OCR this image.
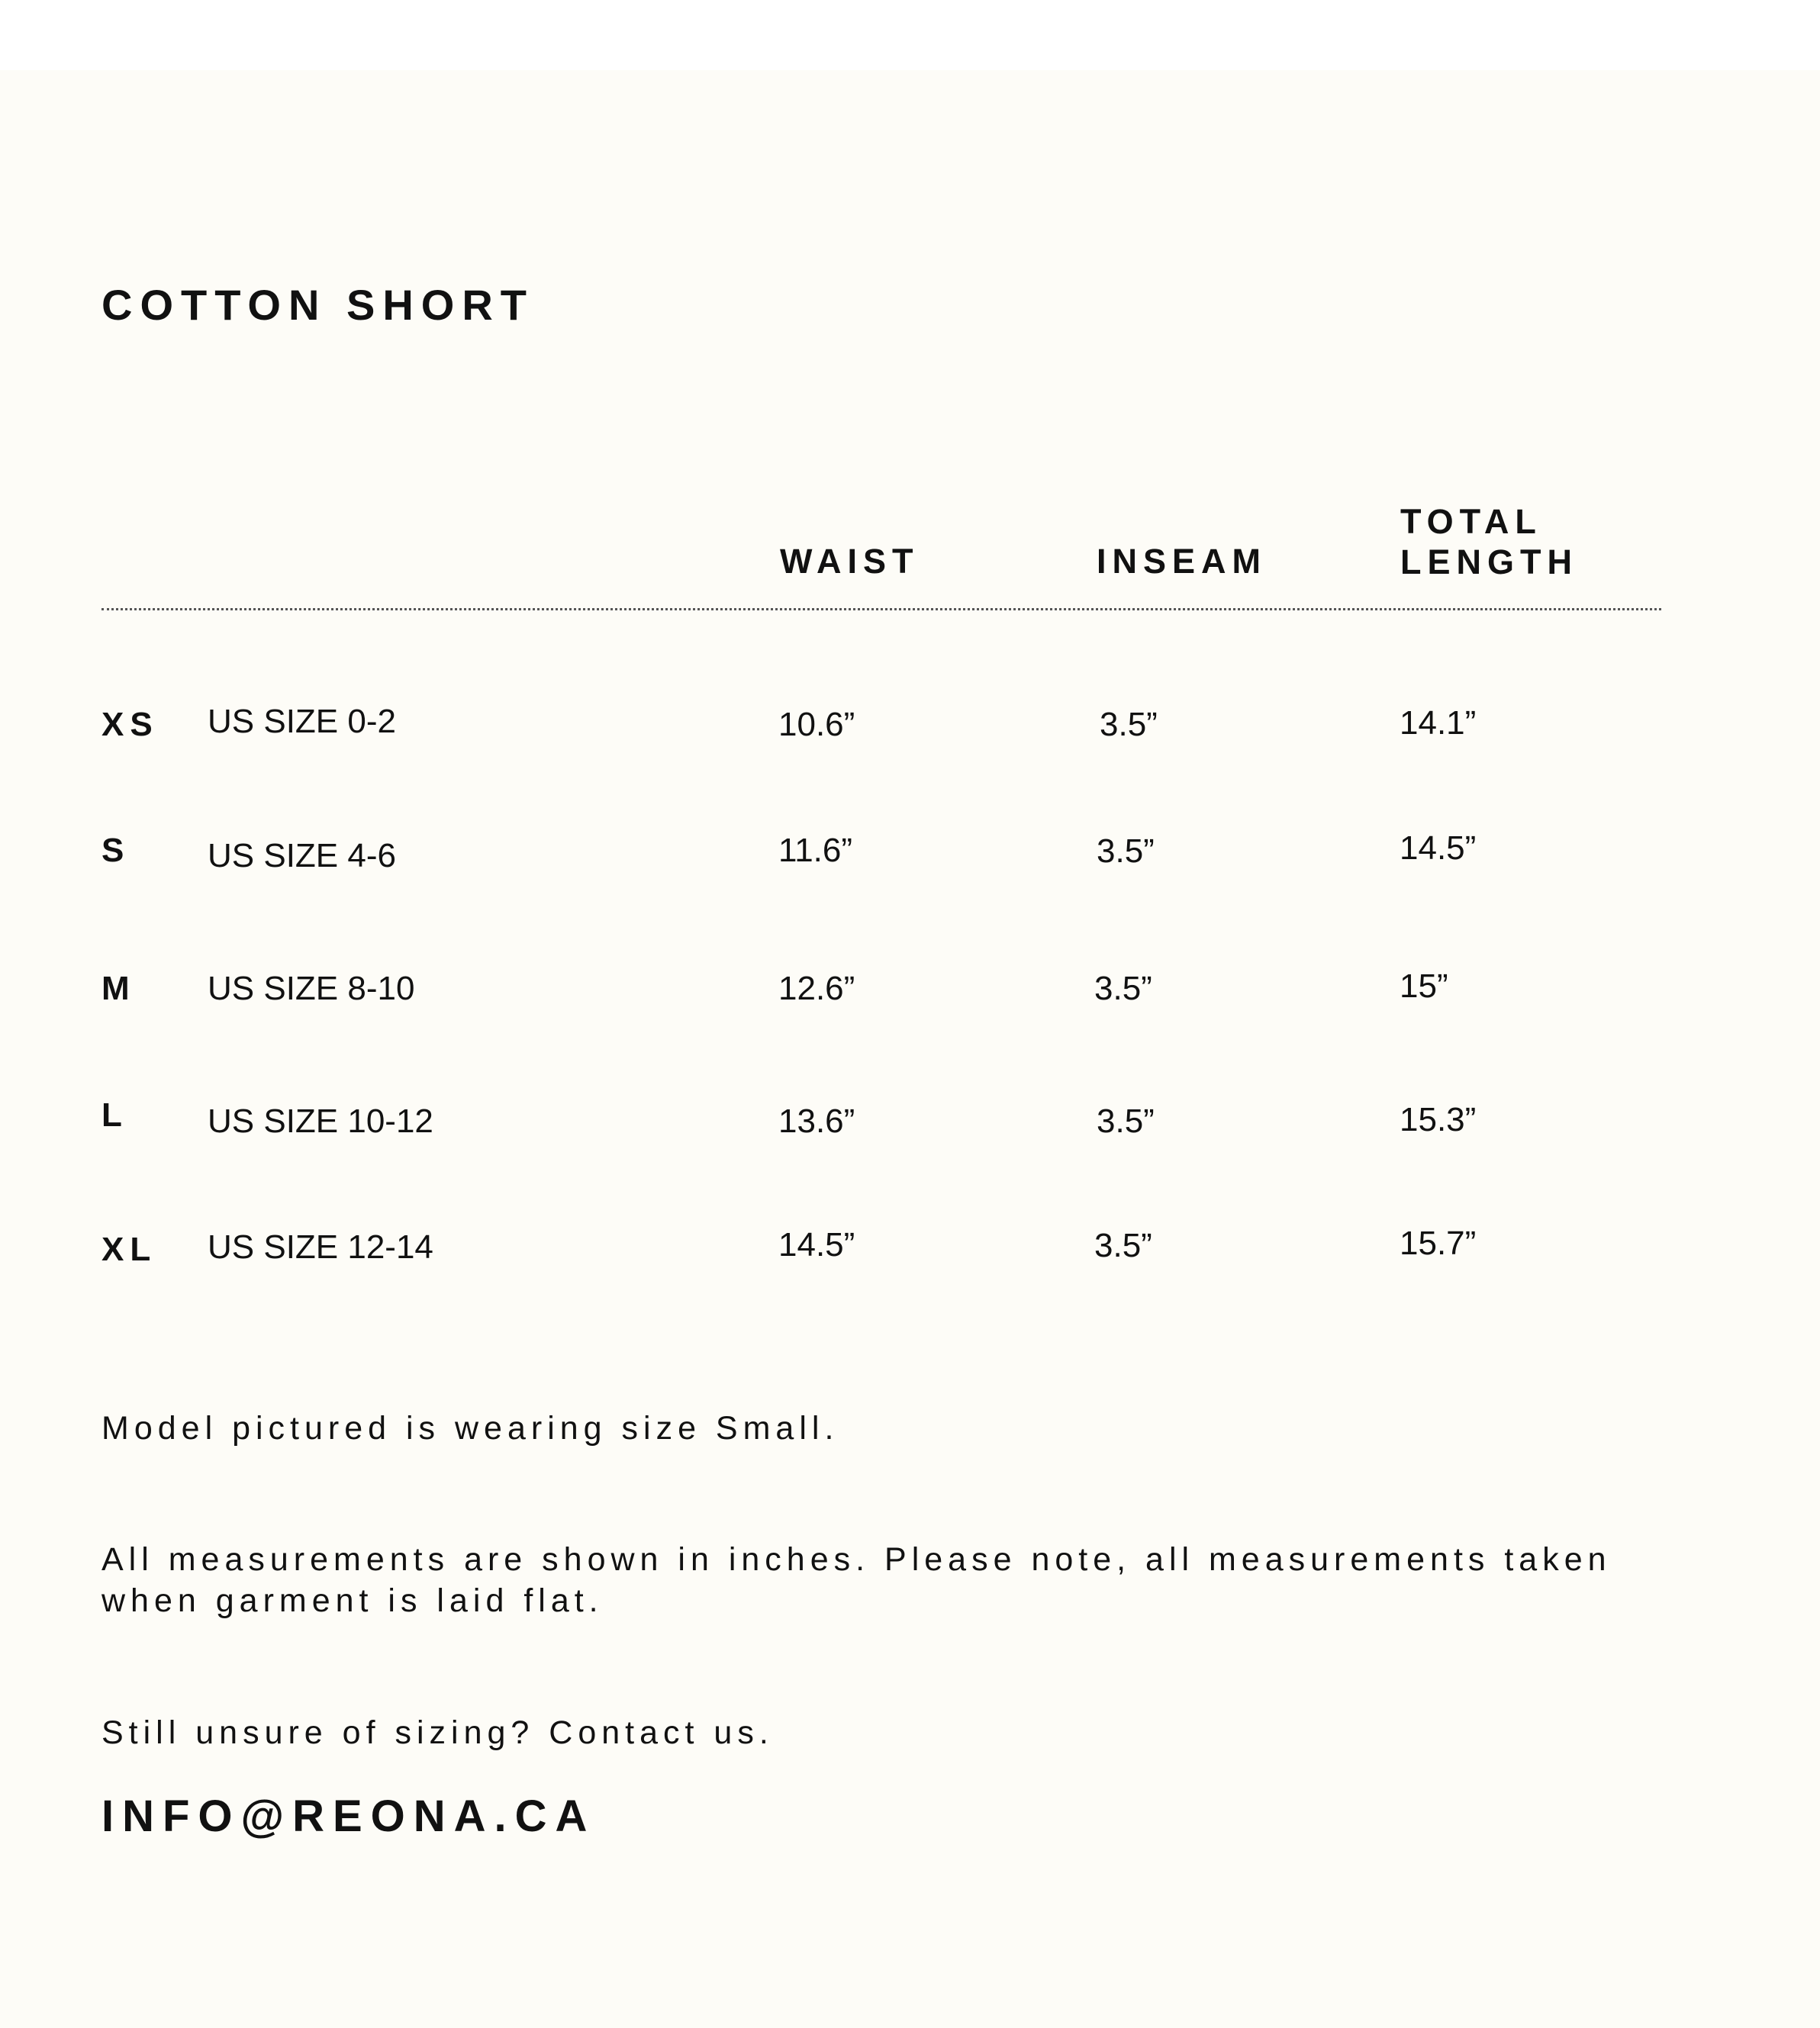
COTTON SHORT
WAIST	INSEAM
TOTAL
LENGTH
XS US SIZE 0-2	10.6”	3.5”	14.1”
S US SIZE 4-6	11.6”	3.5”	14.5”
M US SIZE 8-10	12.6”	3.5”	15”
L US SIZE 10-12	13.6”	3.5”	15.3”
XL US SIZE 12-14	14.5”	3.5”	15.7”
Model pictured is wearing size Small.
All measurements are shown in inches. Please note, all measurements taken
when garment is laid flat.
Still unsure of sizing? Contact us.
INFO@REONA.CA
